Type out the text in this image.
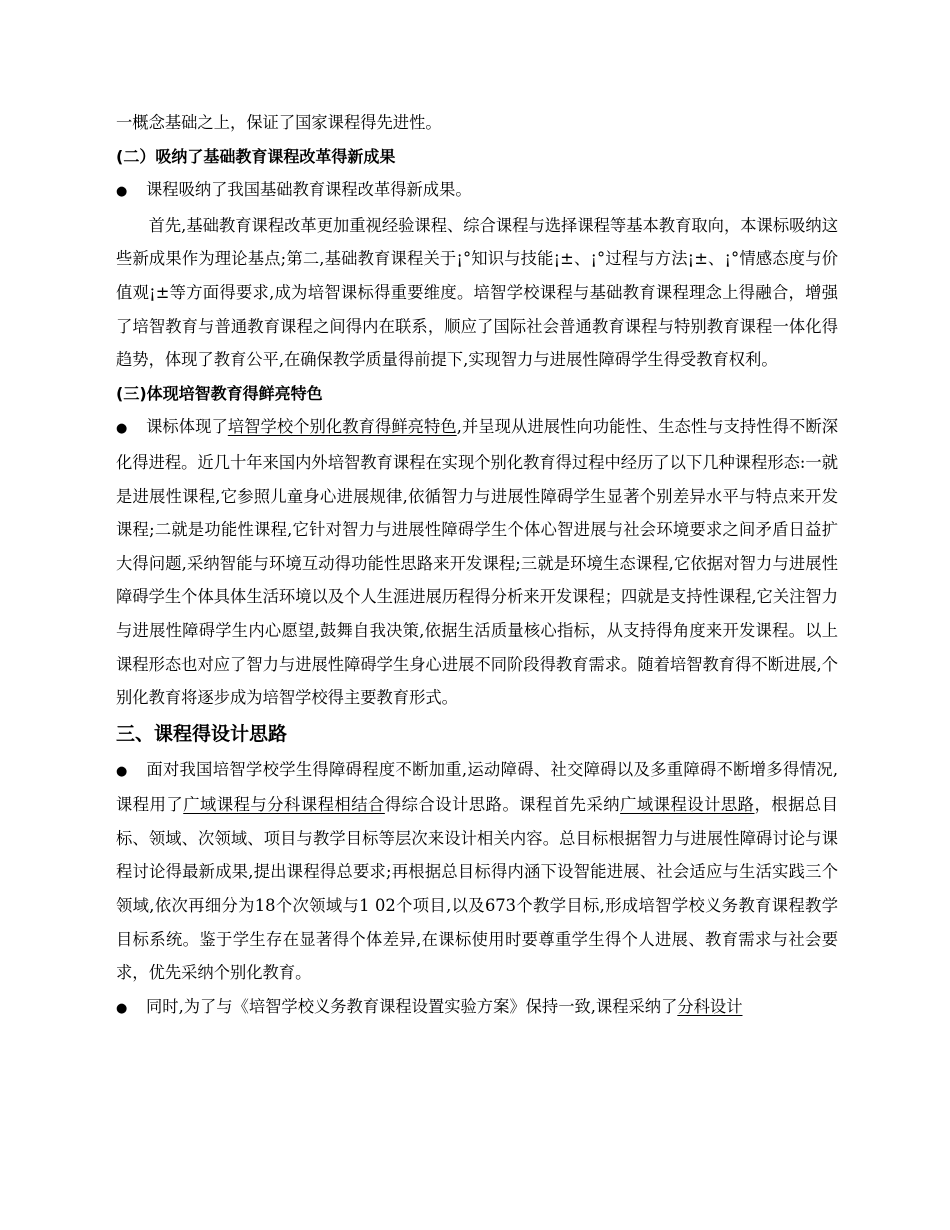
一概念基础之上，保证了国家课程得先进性。

(二）吸纳了基础教育课程改革得新成果

● 课程吸纳了我国基础教育课程改革得新成果。

首先,基础教育课程改革更加重视经验课程、综合课程与选择课程等基本教育取向，本课标吸纳这些新成果作为理论基点;第二,基础教育课程关于¡°知识与技能¡±、¡°过程与方法¡±、¡°情感态度与价值观¡±等方面得要求,成为培智课标得重要维度。培智学校课程与基础教育课程理念上得融合，增强了培智教育与普通教育课程之间得内在联系，顺应了国际社会普通教育课程与特别教育课程一体化得趋势，体现了教育公平,在确保教学质量得前提下,实现智力与进展性障碍学生得受教育权利。

(三)体现培智教育得鲜亮特色

● 课标体现了培智学校个别化教育得鲜亮特色,并呈现从进展性向功能性、生态性与支持性得不断深化得进程。近几十年来国内外培智教育课程在实现个别化教育得过程中经历了以下几种课程形态:一就是进展性课程,它参照儿童身心进展规律,依循智力与进展性障碍学生显著个别差异水平与特点来开发课程;二就是功能性课程,它针对智力与进展性障碍学生个体心智进展与社会环境要求之间矛盾日益扩大得问题,采纳智能与环境互动得功能性思路来开发课程;三就是环境生态课程,它依据对智力与进展性障碍学生个体具体生活环境以及个人生涯进展历程得分析来开发课程；四就是支持性课程,它关注智力与进展性障碍学生内心愿望,鼓舞自我决策,依据生活质量核心指标，从支持得角度来开发课程。以上课程形态也对应了智力与进展性障碍学生身心进展不同阶段得教育需求。随着培智教育得不断进展,个别化教育将逐步成为培智学校得主要教育形式。

三、课程得设计思路

● 面对我国培智学校学生得障碍程度不断加重,运动障碍、社交障碍以及多重障碍不断增多得情况,课程用了广域课程与分科课程相结合得综合设计思路。课程首先采纳广域课程设计思路，根据总目标、领域、次领域、项目与教学目标等层次来设计相关内容。总目标根据智力与进展性障碍讨论与课程讨论得最新成果,提出课程得总要求;再根据总目标得内涵下设智能进展、社会适应与生活实践三个领域,依次再细分为18个次领域与1 02个项目,以及673个教学目标,形成培智学校义务教育课程教学目标系统。鉴于学生存在显著得个体差异,在课标使用时要尊重学生得个人进展、教育需求与社会要求，优先采纳个别化教育。

● 同时,为了与《培智学校义务教育课程设置实验方案》保持一致,课程采纳了分科设计
